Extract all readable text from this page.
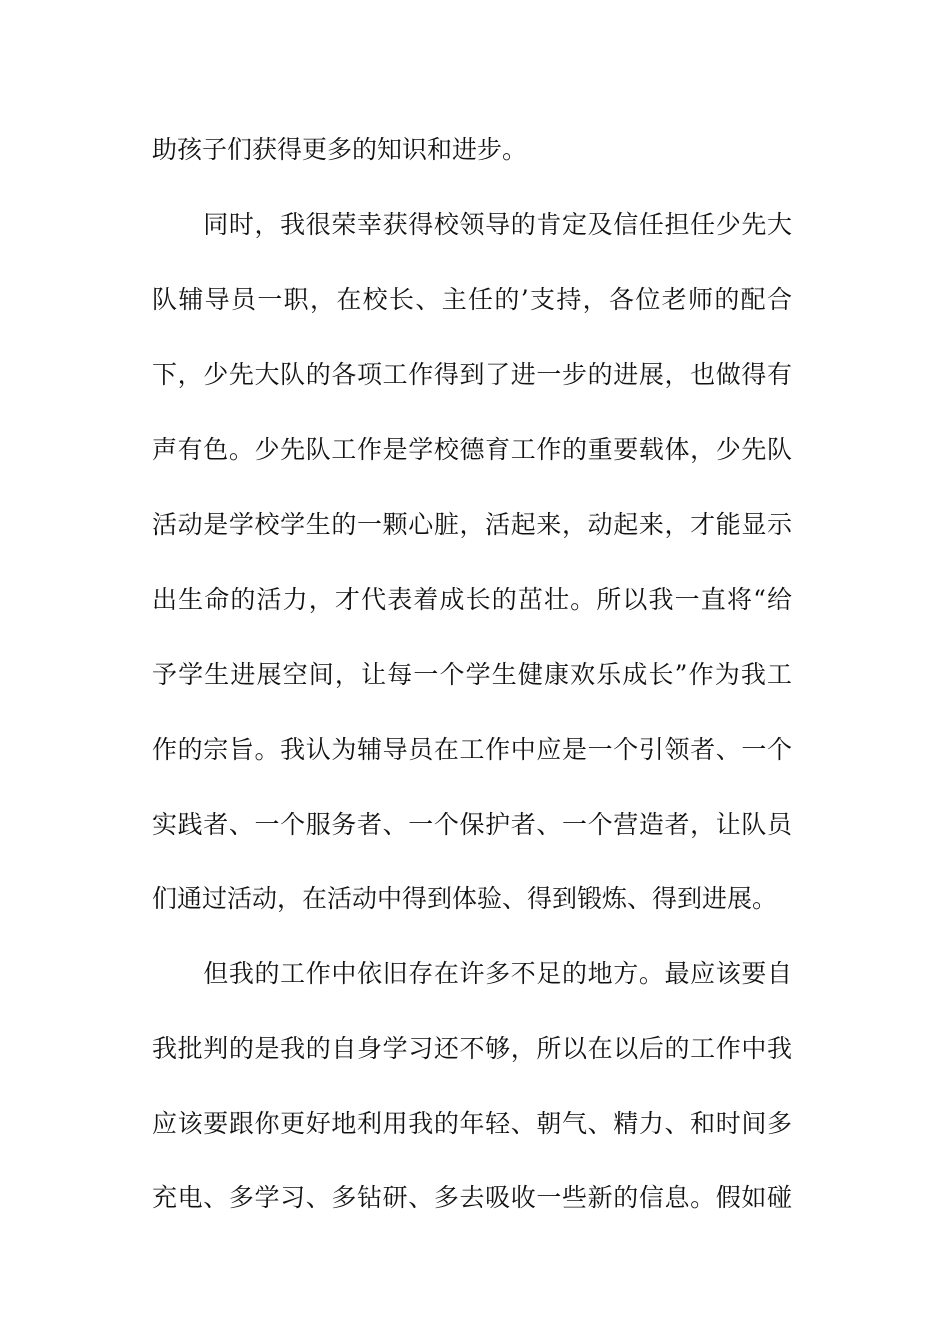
助孩子们获得更多的知识和进步。
　　同时，我很荣幸获得校领导的肯定及信任担任少先大
队辅导员一职，在校长、主任的’支持，各位老师的配合
下，少先大队的各项工作得到了进一步的进展，也做得有
声有色。少先队工作是学校德育工作的重要载体，少先队
活动是学校学生的一颗心脏，活起来，动起来，才能显示
出生命的活力，才代表着成长的茁壮。所以我一直将“给
予学生进展空间，让每一个学生健康欢乐成长”作为我工
作的宗旨。我认为辅导员在工作中应是一个引领者、一个
实践者、一个服务者、一个保护者、一个营造者，让队员
们通过活动，在活动中得到体验、得到锻炼、得到进展。
　　但我的工作中依旧存在许多不足的地方。最应该要自
我批判的是我的自身学习还不够，所以在以后的工作中我
应该要跟你更好地利用我的年轻、朝气、精力、和时间多
充电、多学习、多钻研、多去吸收一些新的信息。假如碰
